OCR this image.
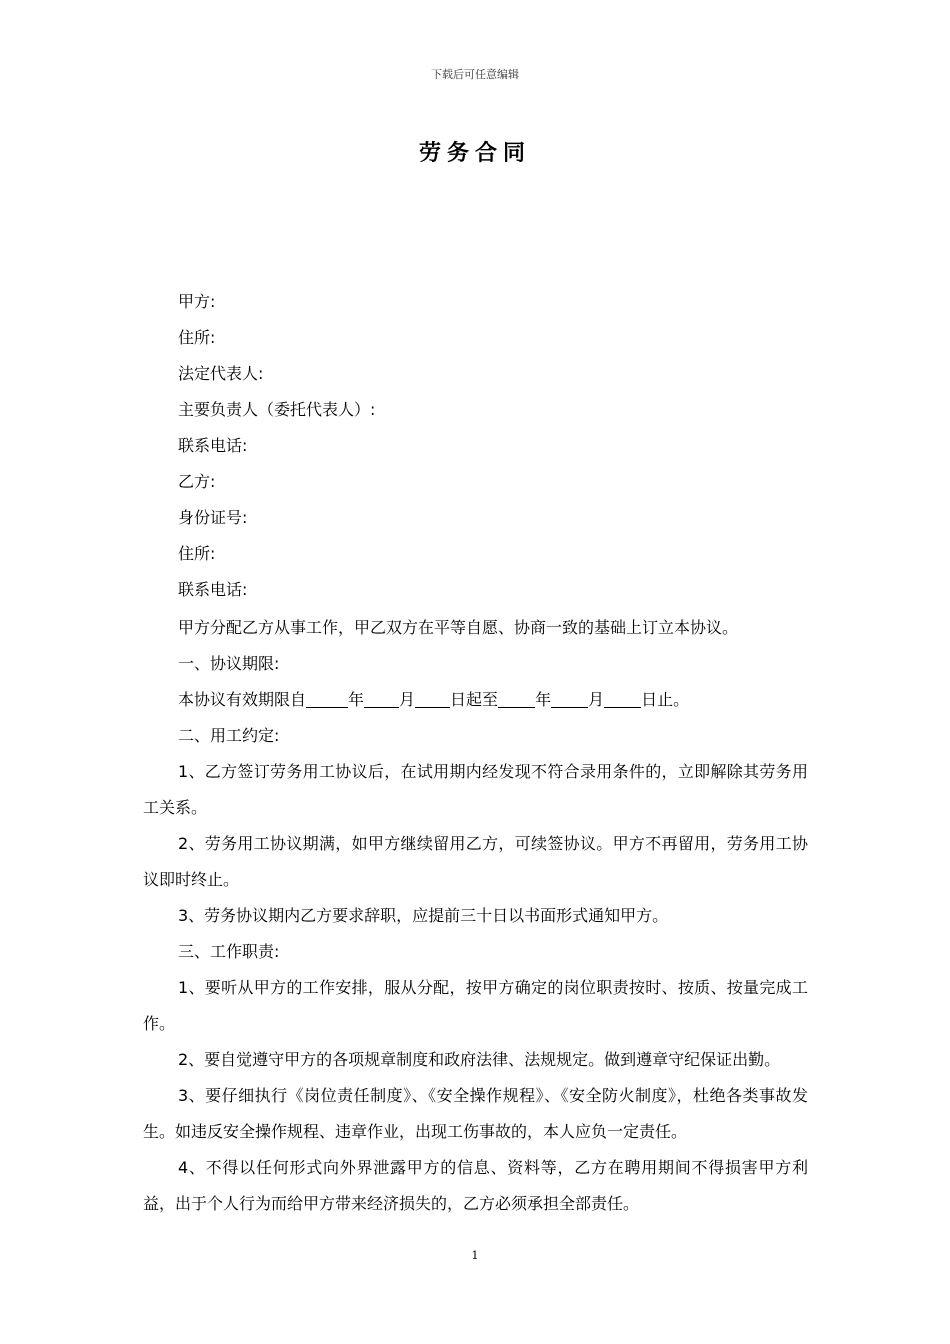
下载后可任意编辑
劳务合同
甲方:
住所:
法定代表人:
主要负责人（委托代表人）:
联系电话:
乙方:
身份证号:
住所:
联系电话:
甲方分配乙方从事工作，甲乙双方在平等自愿、协商一致的基础上订立本协议。
一、协议期限:
本协议有效期限自	年 月 日起至 年 月 日止。
二、用工约定:
1、乙方签订劳务用工协议后，在试用期内经发现不符合录用条件的，立即解除其劳务用工关系。
2、劳务用工协议期满，如甲方继续留用乙方，可续签协议。甲方不再留用，劳务用工协议即时终止。
3、劳务协议期内乙方要求辞职，应提前三十日以书面形式通知甲方。
三、工作职责:
1、要听从甲方的工作安排，服从分配，按甲方确定的岗位职责按时、按质、按量完成工作。
2、要自觉遵守甲方的各项规章制度和政府法律、法规规定。做到遵章守纪保证出勤。
3、要仔细执行《岗位责任制度》、《安全操作规程》、《安全防火制度》，杜绝各类事故发生。如违反安全操作规程、违章作业，出现工伤事故的，本人应负一定责任。
4、不得以任何形式向外界泄露甲方的信息、资料等，乙方在聘用期间不得损害甲方利益，出于个人行为而给甲方带来经济损失的，乙方必须承担全部责任。
1
